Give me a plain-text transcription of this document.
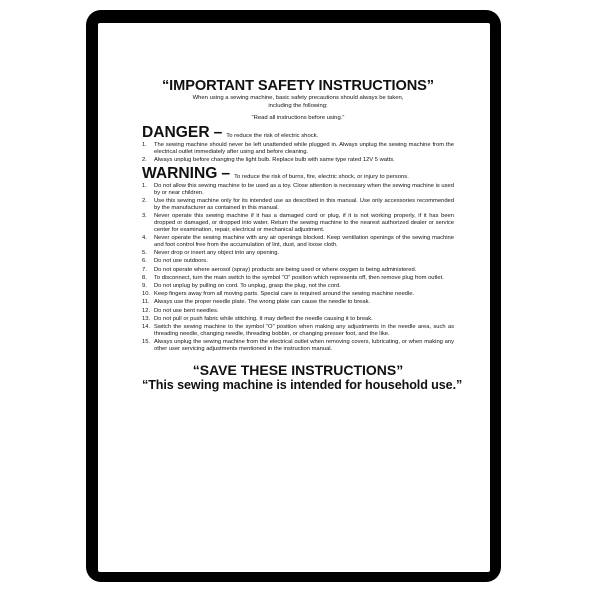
“IMPORTANT SAFETY INSTRUCTIONS”
When using a sewing machine, basic safety precautions should always be taken,
including the following:
“Read all instructions before using.”
DANGER – To reduce the risk of electric shock.
1.	The sewing machine should never be left unattended while plugged in. Always unplug the sewing machine from the electrical outlet immediately after using and before cleaning.
2.	Always unplug before changing the light bulb. Replace bulb with same type rated 12V 5 watts.
WARNING – To reduce the risk of burns, fire, electric shock, or injury to persons.
1.	Do not allow this sewing machine to be used as a toy. Close attention is necessary when the sewing machine is used by or near children.
2.	Use this sewing machine only for its intended use as described in this manual. Use only accessories recommended by the manufacturer as contained in this manual.
3.	Never operate this sewing machine if it has a damaged cord or plug, if it is not working properly, if it has been dropped or damaged, or dropped into water. Return the sewing machine to the nearest authorized dealer or service center for examination, repair, electrical or mechanical adjustment.
4.	Never operate the sewing machine with any air openings blocked. Keep ventilation openings of the sewing machine and foot control free from the accumulation of lint, dust, and loose cloth.
5.	Never drop or insert any object into any opening.
6.	Do not use outdoors.
7.	Do not operate where aerosol (spray) products are being used or where oxygen is being administered.
8.	To disconnect, turn the main switch to the symbol “O” position which represents off, then remove plug from outlet.
9.	Do not unplug by pulling on cord. To unplug, grasp the plug, not the cord.
10. Keep fingers away from all moving parts. Special care is required around the sewing machine needle.
11. Always use the proper needle plate. The wrong plate can cause the needle to break.
12. Do not use bent needles.
13. Do not pull or push fabric while stitching. It may deflect the needle causing it to break.
14. Switch the sewing machine to the symbol “O” position when making any adjustments in the needle area, such as threading needle, changing needle, threading bobbin, or changing presser foot, and the like.
15. Always unplug the sewing machine from the electrical outlet when removing covers, lubricating, or when making any other user servicing adjustments mentioned in the instruction manual.
“SAVE THESE INSTRUCTIONS”
“This sewing machine is intended for household use.”
